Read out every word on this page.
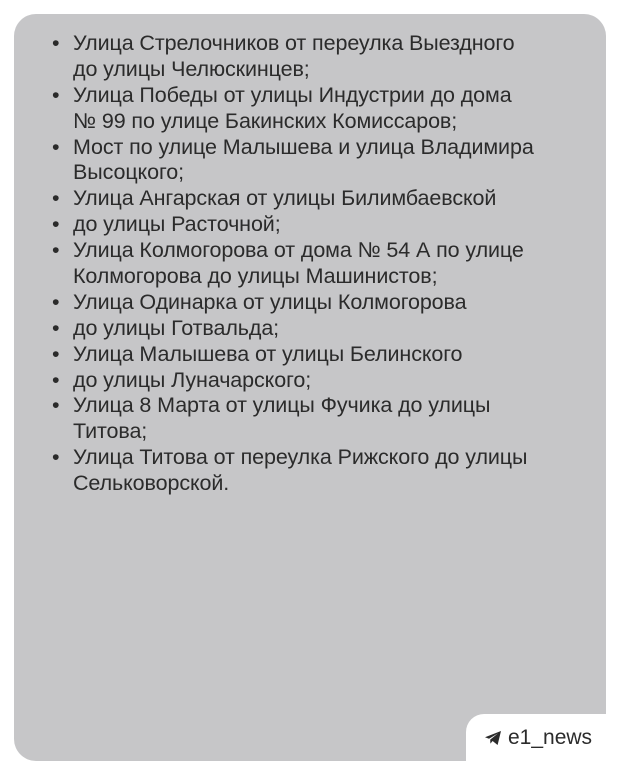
• Улица Стрелочников от переулка Выездного
до улицы Челюскинцев;
• Улица Победы от улицы Индустрии до дома
№ 99 по улице Бакинских Комиссаров;
• Мост по улице Малышева и улица Владимира
Высоцкого;
• Улица Ангарская от улицы Билимбаевской
• до улицы Расточной;
• Улица Колмогорова от дома № 54 А по улице
Колмогорова до улицы Машинистов;
• Улица Одинарка от улицы Колмогорова
• до улицы Готвальда;
• Улица Малышева от улицы Белинского
• до улицы Луначарского;
• Улица 8 Марта от улицы Фучика до улицы
Титова;
• Улица Титова от переулка Рижского до улицы
Сельковорской.
e1_news
